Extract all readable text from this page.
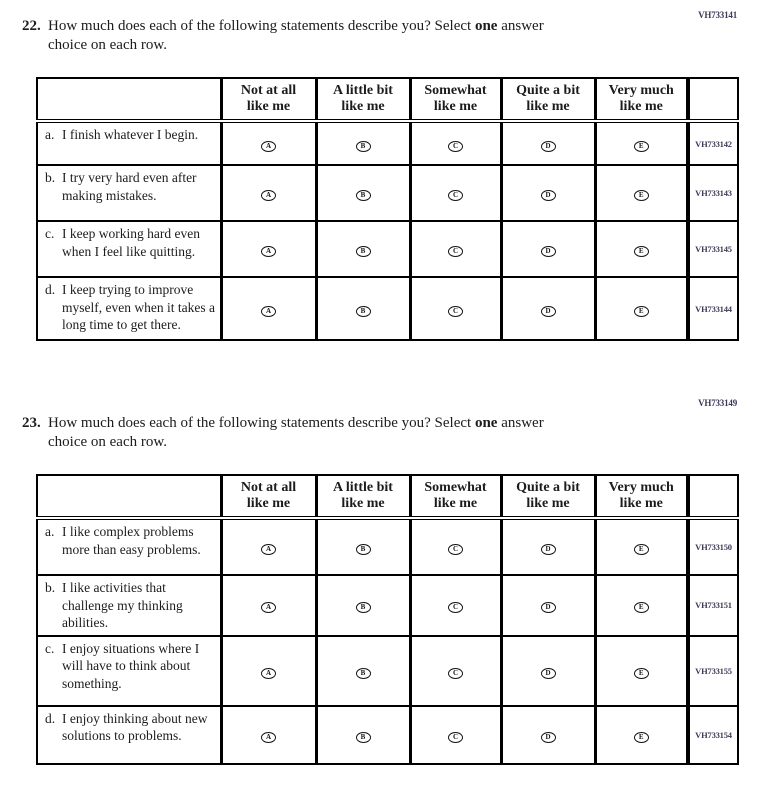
VH733141
22. How much does each of the following statements describe you? Select one answer
choice on each row.
	Not at all
like me	A little bit
like me	Somewhat
like me	Quite a bit
like me	Very much
like me	

a. I finish whatever I begin.	A	B	C	D	E	VH733142

b. I try very hard even after making mistakes.	A	B	C	D	E	VH733143

c. I keep working hard even when I feel like quitting.	A	B	C	D	E	VH733145

d. I keep trying to improve myself, even when it takes a long time to get there.	A	B	C	D	E	VH733144
VH733149
23. How much does each of the following statements describe you? Select one answer
choice on each row.
	Not at all
like me	A little bit
like me	Somewhat
like me	Quite a bit
like me	Very much
like me	

a. I like complex problems more than easy problems.	A	B	C	D	E	VH733150

b. I like activities that challenge my thinking abilities.	A	B	C	D	E	VH733151

c. I enjoy situations where I will have to think about something.	A	B	C	D	E	VH733155

d. I enjoy thinking about new solutions to problems.	A	B	C	D	E	VH733154
